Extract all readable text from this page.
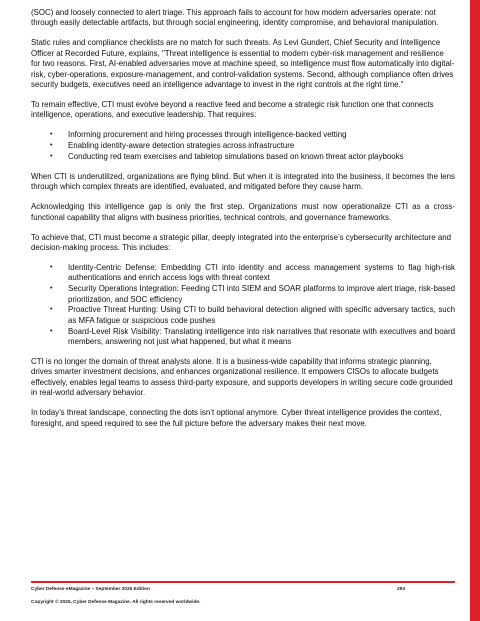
(SOC) and loosely connected to alert triage. This approach fails to account for how modern adversaries operate: not through easily detectable artifacts, but through social engineering, identity compromise, and behavioral manipulation.

Static rules and compliance checklists are no match for such threats. As Levi Gundert, Chief Security and Intelligence Officer at Recorded Future, explains, "Threat intelligence is essential to modern cyber-risk management and resilience for two reasons. First, AI-enabled adversaries move at machine speed, so intelligence must flow automatically into digital-risk, cyber-operations, exposure-management, and control-validation systems. Second, although compliance often drives security budgets, executives need an intelligence advantage to invest in the right controls at the right time."

To remain effective, CTI must evolve beyond a reactive feed and become a strategic risk function one that connects intelligence, operations, and executive leadership. That requires:

• Informing procurement and hiring processes through intelligence-backed vetting
• Enabling identity-aware detection strategies across infrastructure
• Conducting red team exercises and tabletop simulations based on known threat actor playbooks

When CTI is underutilized, organizations are flying blind. But when it is integrated into the business, it becomes the lens through which complex threats are identified, evaluated, and mitigated before they cause harm.

Acknowledging this intelligence gap is only the first step. Organizations must now operationalize CTI as a cross-functional capability that aligns with business priorities, technical controls, and governance frameworks.

To achieve that, CTI must become a strategic pillar, deeply integrated into the enterprise’s cybersecurity architecture and decision-making process. This includes:

• Identity-Centric Defense: Embedding CTI into identity and access management systems to flag high-risk authentications and enrich access logs with threat context
• Security Operations Integration: Feeding CTI into SIEM and SOAR platforms to improve alert triage, risk-based prioritization, and SOC efficiency
• Proactive Threat Hunting: Using CTI to build behavioral detection aligned with specific adversary tactics, such as MFA fatigue or suspicious code pushes
• Board-Level Risk Visibility: Translating intelligence into risk narratives that resonate with executives and board members, answering not just what happened, but what it means

CTI is no longer the domain of threat analysts alone. It is a business-wide capability that informs strategic planning, drives smarter investment decisions, and enhances organizational resilience. It empowers CISOs to allocate budgets effectively, enables legal teams to assess third-party exposure, and supports developers in writing secure code grounded in real-world adversary behavior.

In today’s threat landscape, connecting the dots isn’t optional anymore. Cyber threat intelligence provides the context, foresight, and speed required to see the full picture before the adversary makes their next move.

Cyber Defense eMagazine – September 2025 Edition	293
Copyright © 2025, Cyber Defense Magazine. All rights reserved worldwide.
